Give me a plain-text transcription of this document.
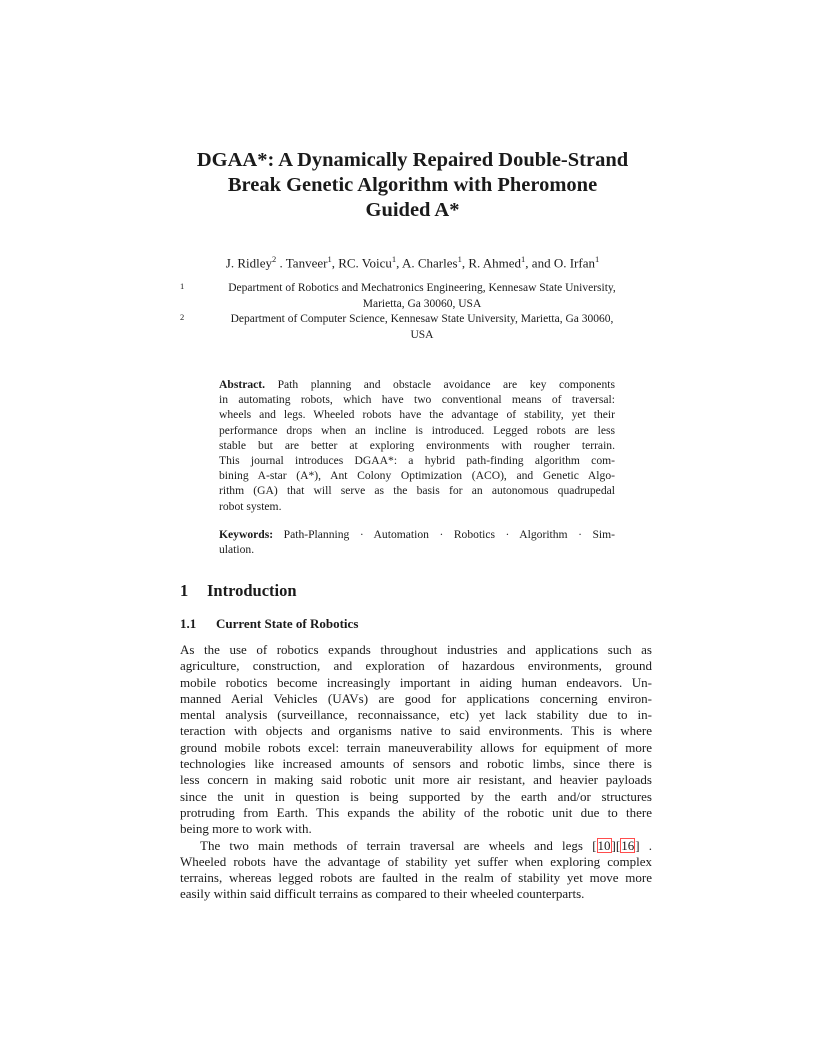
DGAA*: A Dynamically Repaired Double-Strand
Break Genetic Algorithm with Pheromone
Guided A*
J. Ridley$^2$ . Tanveer$^1$, RC. Voicu$^1$, A. Charles$^1$, R. Ahmed$^1$, and O. Irfan$^1$
1	Department of Robotics and Mechatronics Engineering, Kennesaw State University,
Marietta, Ga 30060, USA
2	Department of Computer Science, Kennesaw State University, Marietta, Ga 30060,
USA
Abstract. Path planning and obstacle avoidance are key components
in automating robots, which have two conventional means of traversal:
wheels and legs. Wheeled robots have the advantage of stability, yet their
performance drops when an incline is introduced. Legged robots are less
stable but are better at exploring environments with rougher terrain.
This journal introduces DGAA*: a hybrid path-finding algorithm com-
bining A-star (A*), Ant Colony Optimization (ACO), and Genetic Algo-
rithm (GA) that will serve as the basis for an autonomous quadrupedal
robot system.
Keywords: Path-Planning · Automation · Robotics · Algorithm · Sim-
ulation.
1 Introduction
1.1 Current State of Robotics
As the use of robotics expands throughout industries and applications such as
agriculture, construction, and exploration of hazardous environments, ground
mobile robotics become increasingly important in aiding human endeavors. Un-
manned Aerial Vehicles (UAVs) are good for applications concerning environ-
mental analysis (surveillance, reconnaissance, etc) yet lack stability due to in-
teraction with objects and organisms native to said environments. This is where
ground mobile robots excel: terrain maneuverability allows for equipment of more
technologies like increased amounts of sensors and robotic limbs, since there is
less concern in making said robotic unit more air resistant, and heavier payloads
since the unit in question is being supported by the earth and/or structures
protruding from Earth. This expands the ability of the robotic unit due to there
being more to work with.
The two main methods of terrain traversal are wheels and legs [10][16] .
Wheeled robots have the advantage of stability yet suffer when exploring complex
terrains, whereas legged robots are faulted in the realm of stability yet move more
easily within said difficult terrains as compared to their wheeled counterparts.
